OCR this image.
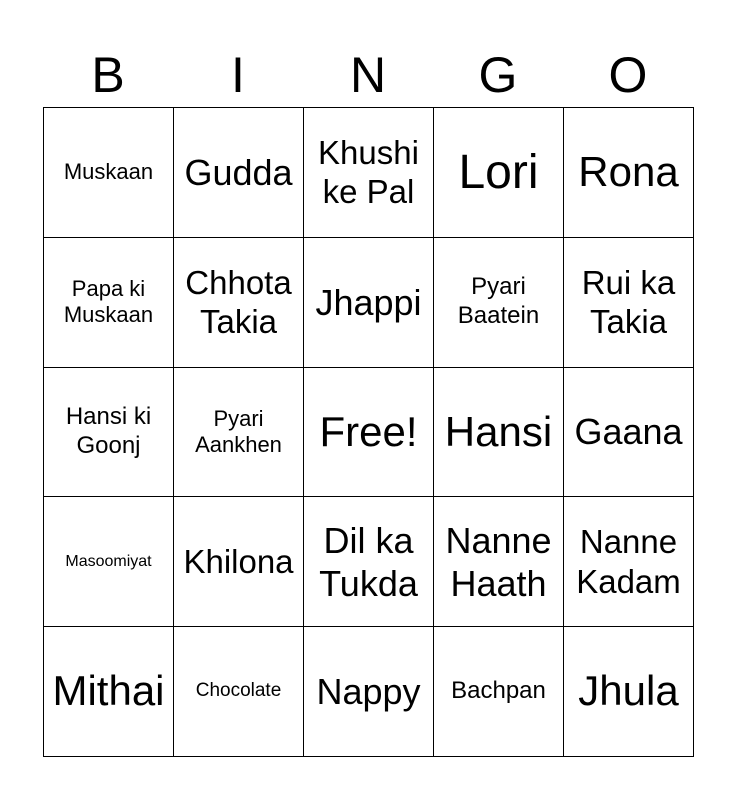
B	I	N	G	O
Muskaan	Gudda	Khushi ke Pal	Lori	Rona
Papa ki Muskaan	Chhota Takia	Jhappi	Pyari Baatein	Rui ka Takia
Hansi ki Goonj	Pyari Aankhen	Free!	Hansi	Gaana
Masoomiyat	Khilona	Dil ka Tukda	Nanne Haath	Nanne Kadam
Mithai	Chocolate	Nappy	Bachpan	Jhula
